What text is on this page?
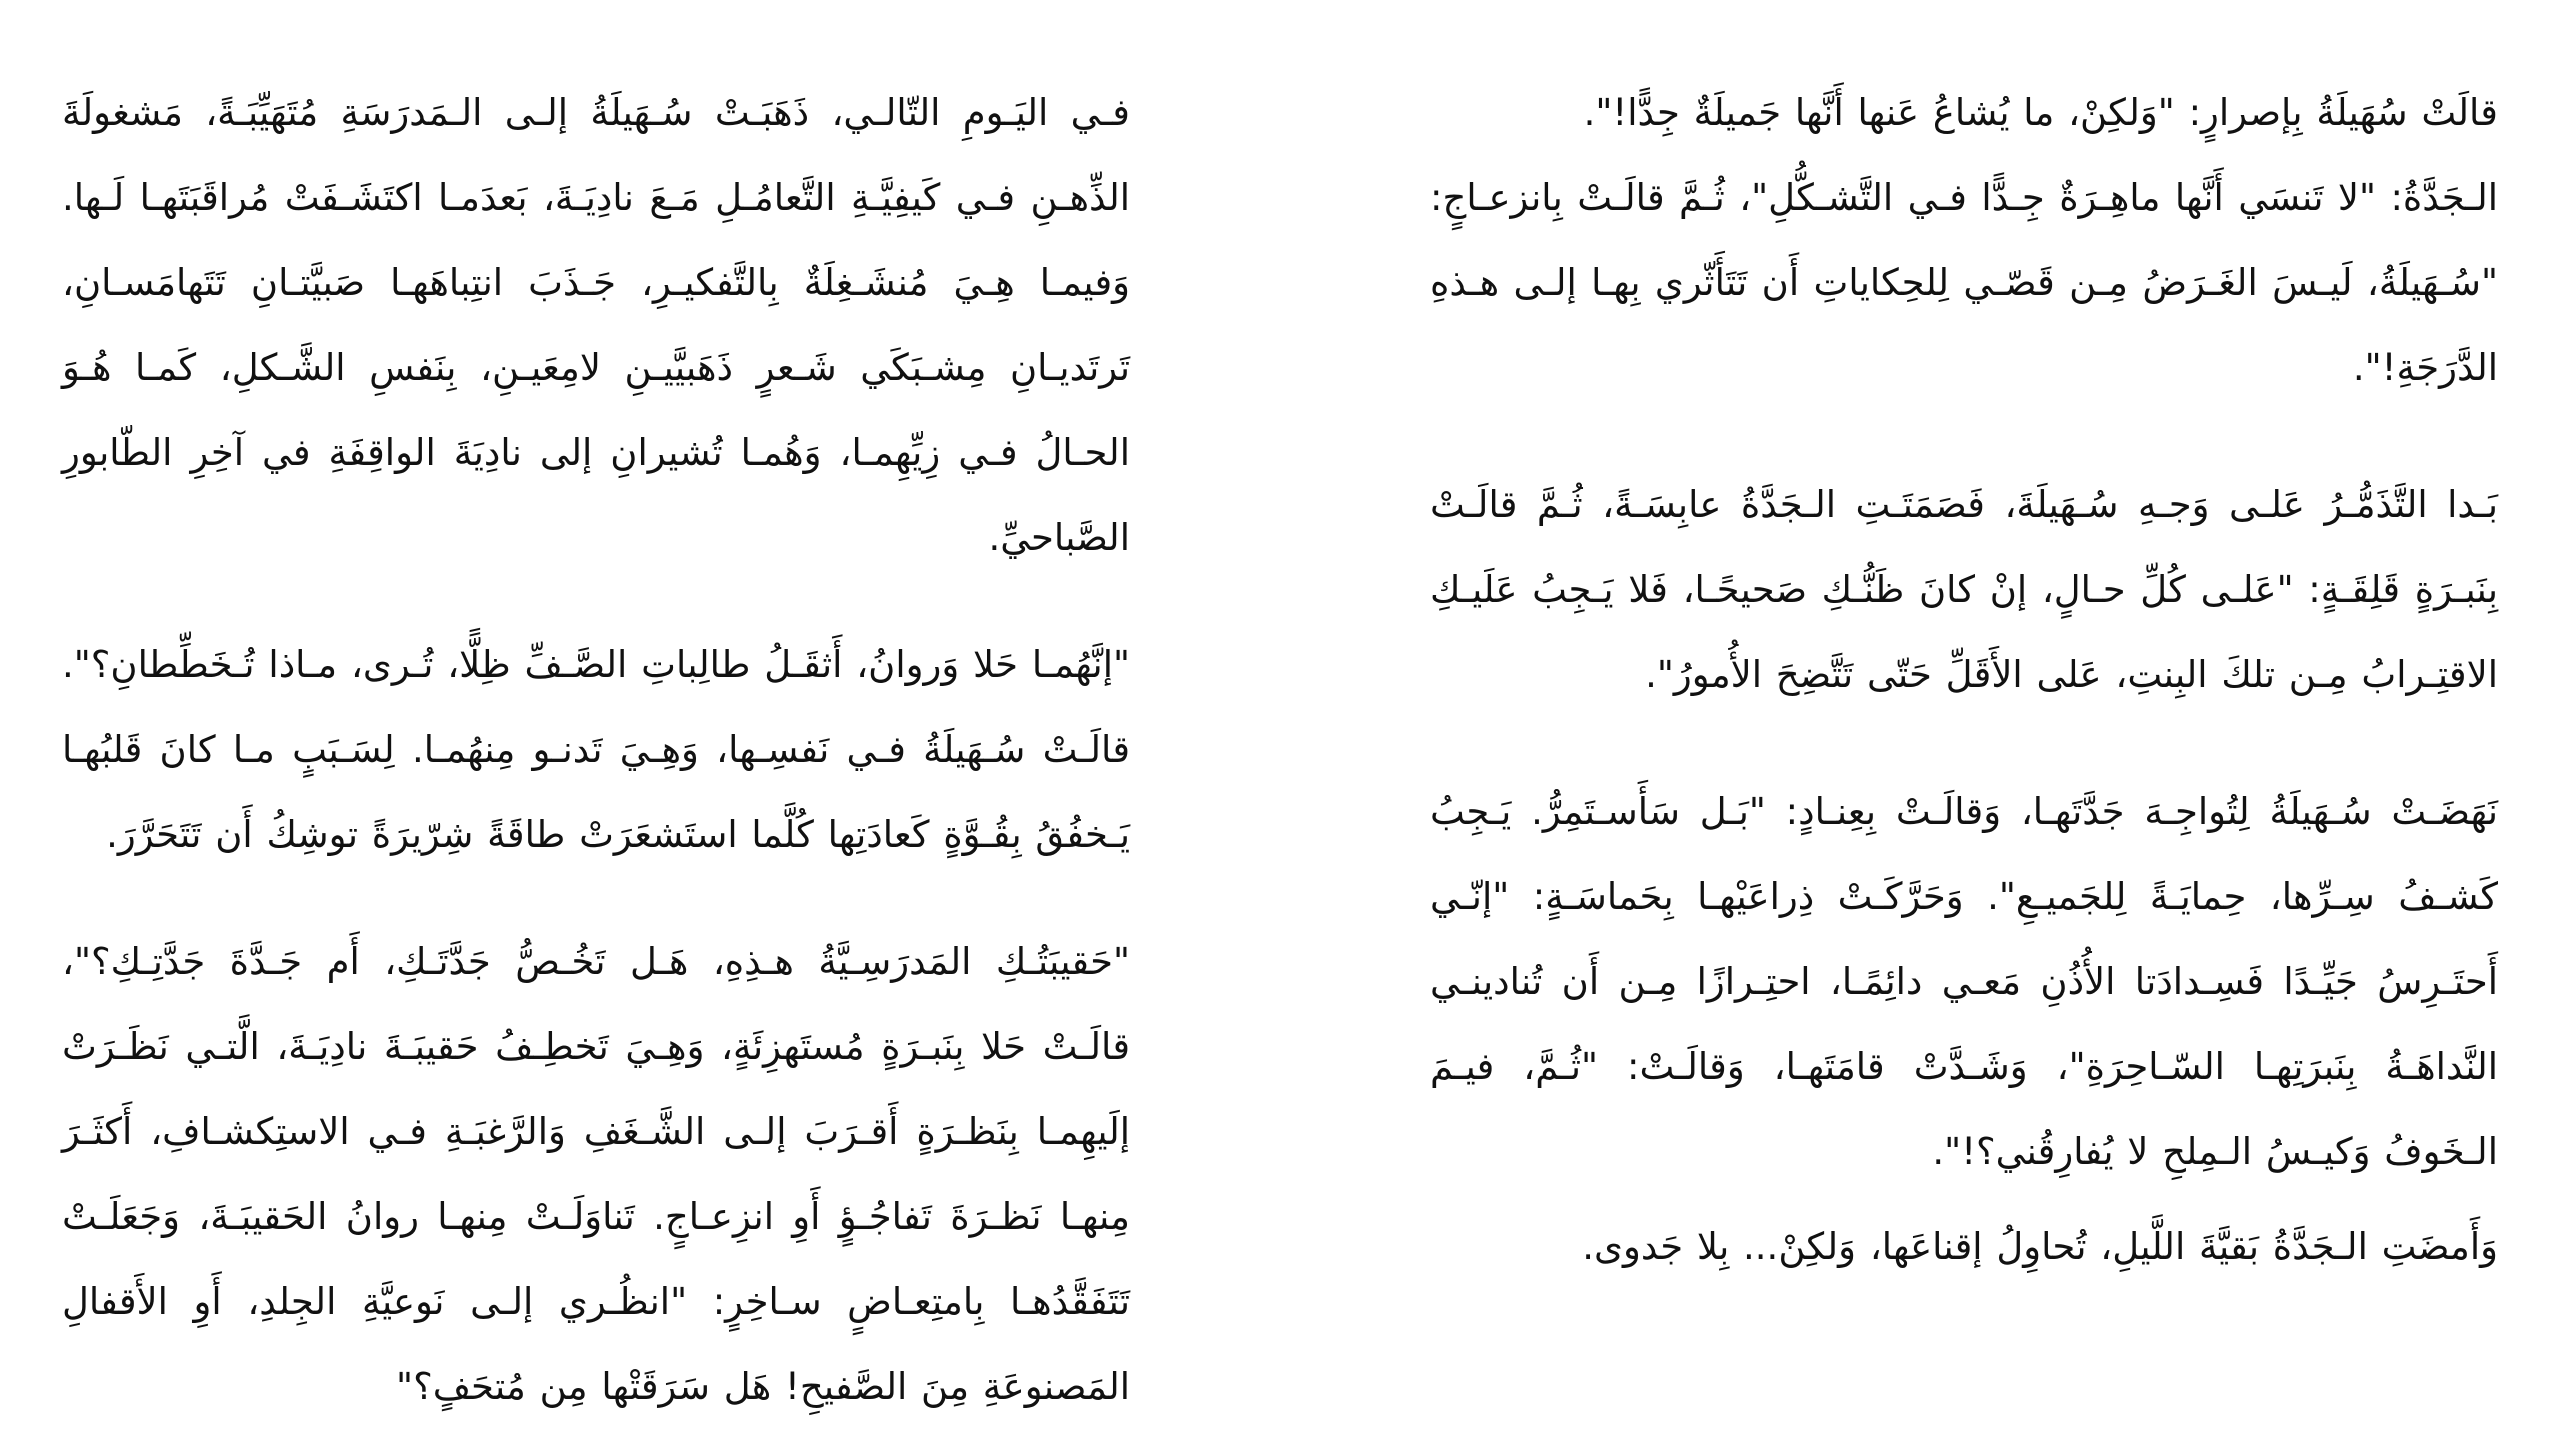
قالَتْ سُهَيلَةُ بِإصرارٍ: "وَلكِنْ، ما يُشاعُ عَنها أَنَّها جَميلَةٌ جِدًّا!".

الـجَدَّةُ: "لا تَنسَي أَنَّها ماهِـرَةٌ جِـدًّا فـي التَّشـكُّلِ"، ثُـمَّ قالَـتْ بِانزعـاجٍ: "سُـهَيلَةُ، لَيـسَ الغَـرَضُ مِـن قَصّـي لِلحِكاياتِ أَن تَتَأَثّري بِهـا إلـى هـذهِ الدَّرَجَةِ!".

بَـدا التَّذَمُّـرُ عَلـى وَجـهِ سُـهَيلَةَ، فَصَمَتَـتِ الـجَدَّةُ عابِسَـةً، ثُـمَّ قالَـتْ بِنَبـرَةٍ قَلِقَـةٍ: "عَلـى كُلِّ حـالٍ، إنْ كانَ ظَنُّـكِ صَحيحًـا، فَلا يَـجِبُ عَلَيـكِ الاقتِـرابُ مِـن تلكَ البِنتِ، عَلى الأَقَلِّ حَتّى تَتَّضِحَ الأُمورُ".

نَهَضَـتْ سُـهَيلَةُ لِتُواجِـهَ جَدَّتَهـا، وَقالَـتْ بِعِنـادٍ: "بَـل سَأَسـتَمِرُّ. يَـجِبُ كَشـفُ سِـرِّها، حِمايَـةً لِلجَميـعِ". وَحَرَّكَـتْ ذِراعَيْهـا بِحَماسَـةٍ: "إنّـي أَحتَـرِسُ جَيِّـدًا فَسِـدادَتا الأُذُنِ مَعـي دائِمًـا، احتِـرازًا مِـن أَن تُنادينـي النَّداهَـةُ بِنَبرَتِهـا السّـاحِرَةِ"، وَشَـدَّتْ قامَتَهـا، وَقالَـتْ: "ثُـمَّ، فيـمَ الـخَوفُ وَكيـسُ الـمِلحِ لا يُفارِقُني؟!".

وَأَمضَتِ الـجَدَّةُ بَقيَّةَ اللَّيلِ، تُحاوِلُ إقناعَها، وَلكِنْ... بِلا جَدوى.

فـي اليَـومِ التّالـي، ذَهَبَـتْ سُـهَيلَةُ إلـى الـمَدرَسَةِ مُتَهَيِّبَـةً، مَشغولَةَ الذِّهـنِ فـي كَيفِيَّـةِ التَّعامُـلِ مَـعَ نادِيَـةَ، بَعدَمـا اكتَشَـفَتْ مُراقَبَتَهـا لَـها. وَفيمـا هِـيَ مُنشَـغِلَةٌ بِالتَّفكيـرِ، جَـذَبَ انتِباهَهـا صَبيَّتـانِ تَتَهامَسـانِ، تَرتَديـانِ مِشـبَكَي شَـعرٍ ذَهَبيَّيـنِ لامِعَيـنِ، بِنَفسِ الشَّـكلِ، كَمـا هُـوَ الحـالُ فـي زِيِّهِمـا، وَهُمـا تُشيرانِ إلى نادِيَةَ الواقِفَةِ في آخِرِ الطّابورِ الصَّباحيِّ.

"إنَّهُمـا حَلا وَروانُ، أَثقَـلُ طالِباتِ الصَّـفِّ ظِلًّا، تُـرى، مـاذا تُـخَطِّطانِ؟". قالَـتْ سُـهَيلَةُ فـي نَفسِـها، وَهِـيَ تَدنـو مِنهُمـا. لِسَـبَبٍ مـا كانَ قَلبُهـا يَـخفُقُ بِقُـوَّةٍ كَعادَتِها كُلَّما استَشعَرَتْ طاقَةً شِرّيرَةً توشِكُ أَن تَتَحَرَّرَ.

"حَقيبَتُـكِ المَدرَسِـيَّةُ هـذِهِ، هَـل تَخُـصُّ جَدَّتَـكِ، أَم جَـدَّةَ جَدَّتِـكِ؟"، قالَـتْ حَلا بِنَبـرَةٍ مُستَهزِئَةٍ، وَهِـيَ تَخطِـفُ حَقيبَـةَ نادِيَـةَ، الَّتـي نَظَـرَتْ إلَيهِمـا بِنَظـرَةٍ أَقـرَبَ إلـى الشَّـغَفِ وَالرَّغبَـةِ فـي الاستِكشـافِ، أَكثَـرَ مِنهـا نَظـرَةَ تَفاجُـؤٍ أَوِ انزِعـاجٍ. تَناوَلَـتْ مِنهـا روانُ الحَقيبَـةَ، وَجَعَلَـتْ تَتَفَقَّدُهـا بِامتِعـاضٍ سـاخِرٍ: "انظُـري إلـى نَوعيَّةِ الجِلدِ، أَوِ الأَقفالِ المَصنوعَةِ مِنَ الصَّفيحِ! هَل سَرَقَتْها مِن مُتحَفٍ؟"
